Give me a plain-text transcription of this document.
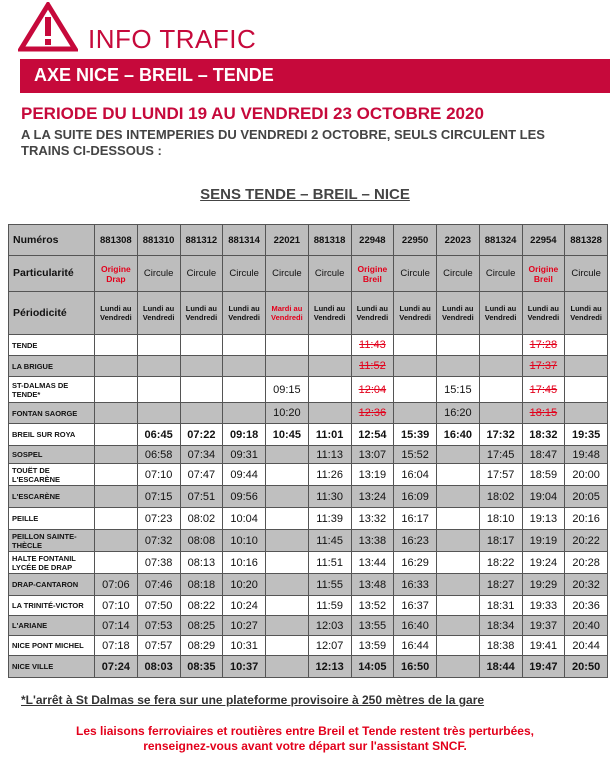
INFO TRAFIC
AXE NICE – BREIL – TENDE
PERIODE DU LUNDI 19 AU VENDREDI 23 OCTOBRE 2020
A LA SUITE DES INTEMPERIES DU VENDREDI 2 OCTOBRE, SEULS CIRCULENT LES
TRAINS CI-DESSOUS :
SENS TENDE – BREIL – NICE
Numéros	881308	881310	881312	881314	22021	881318	22948	22950	22023	881324	22954	881328
Particularité	Origine Drap	Circule	Circule	Circule	Circule	Circule	Origine Breil	Circule	Circule	Circule	Origine Breil	Circule
Périodicité	Lundi au Vendredi	Lundi au Vendredi	Lundi au Vendredi	Lundi au Vendredi	Mardi au Vendredi	Lundi au Vendredi	Lundi au Vendredi	Lundi au Vendredi	Lundi au Vendredi	Lundi au Vendredi	Lundi au Vendredi	Lundi au Vendredi
TENDE							11:43				17:28	
LA BRIGUE							11:52				17:37	
ST-DALMAS DE TENDE*					09:15		12:04		15:15		17:45	
FONTAN SAORGE					10:20		12:36		16:20		18:15	
BREIL SUR ROYA		06:45	07:22	09:18	10:45	11:01	12:54	15:39	16:40	17:32	18:32	19:35
SOSPEL		06:58	07:34	09:31		11:13	13:07	15:52		17:45	18:47	19:48
TOUËT DE L'ESCARÈNE		07:10	07:47	09:44		11:26	13:19	16:04		17:57	18:59	20:00
L'ESCARÈNE		07:15	07:51	09:56		11:30	13:24	16:09		18:02	19:04	20:05
PEILLE		07:23	08:02	10:04		11:39	13:32	16:17		18:10	19:13	20:16
PEILLON SAINTE-THÈCLE		07:32	08:08	10:10		11:45	13:38	16:23		18:17	19:19	20:22
HALTE FONTANIL LYCÉE DE DRAP		07:38	08:13	10:16		11:51	13:44	16:29		18:22	19:24	20:28
DRAP-CANTARON	07:06	07:46	08:18	10:20		11:55	13:48	16:33		18:27	19:29	20:32
LA TRINITÉ-VICTOR	07:10	07:50	08:22	10:24		11:59	13:52	16:37		18:31	19:33	20:36
L'ARIANE	07:14	07:53	08:25	10:27		12:03	13:55	16:40		18:34	19:37	20:40
NICE PONT MICHEL	07:18	07:57	08:29	10:31		12:07	13:59	16:44		18:38	19:41	20:44
NICE VILLE	07:24	08:03	08:35	10:37		12:13	14:05	16:50		18:44	19:47	20:50
*L'arrêt à St Dalmas se fera sur une plateforme provisoire à 250 mètres de la gare
Les liaisons ferroviaires et routières entre Breil et Tende restent très perturbées,
renseignez-vous avant votre départ sur l'assistant SNCF.
